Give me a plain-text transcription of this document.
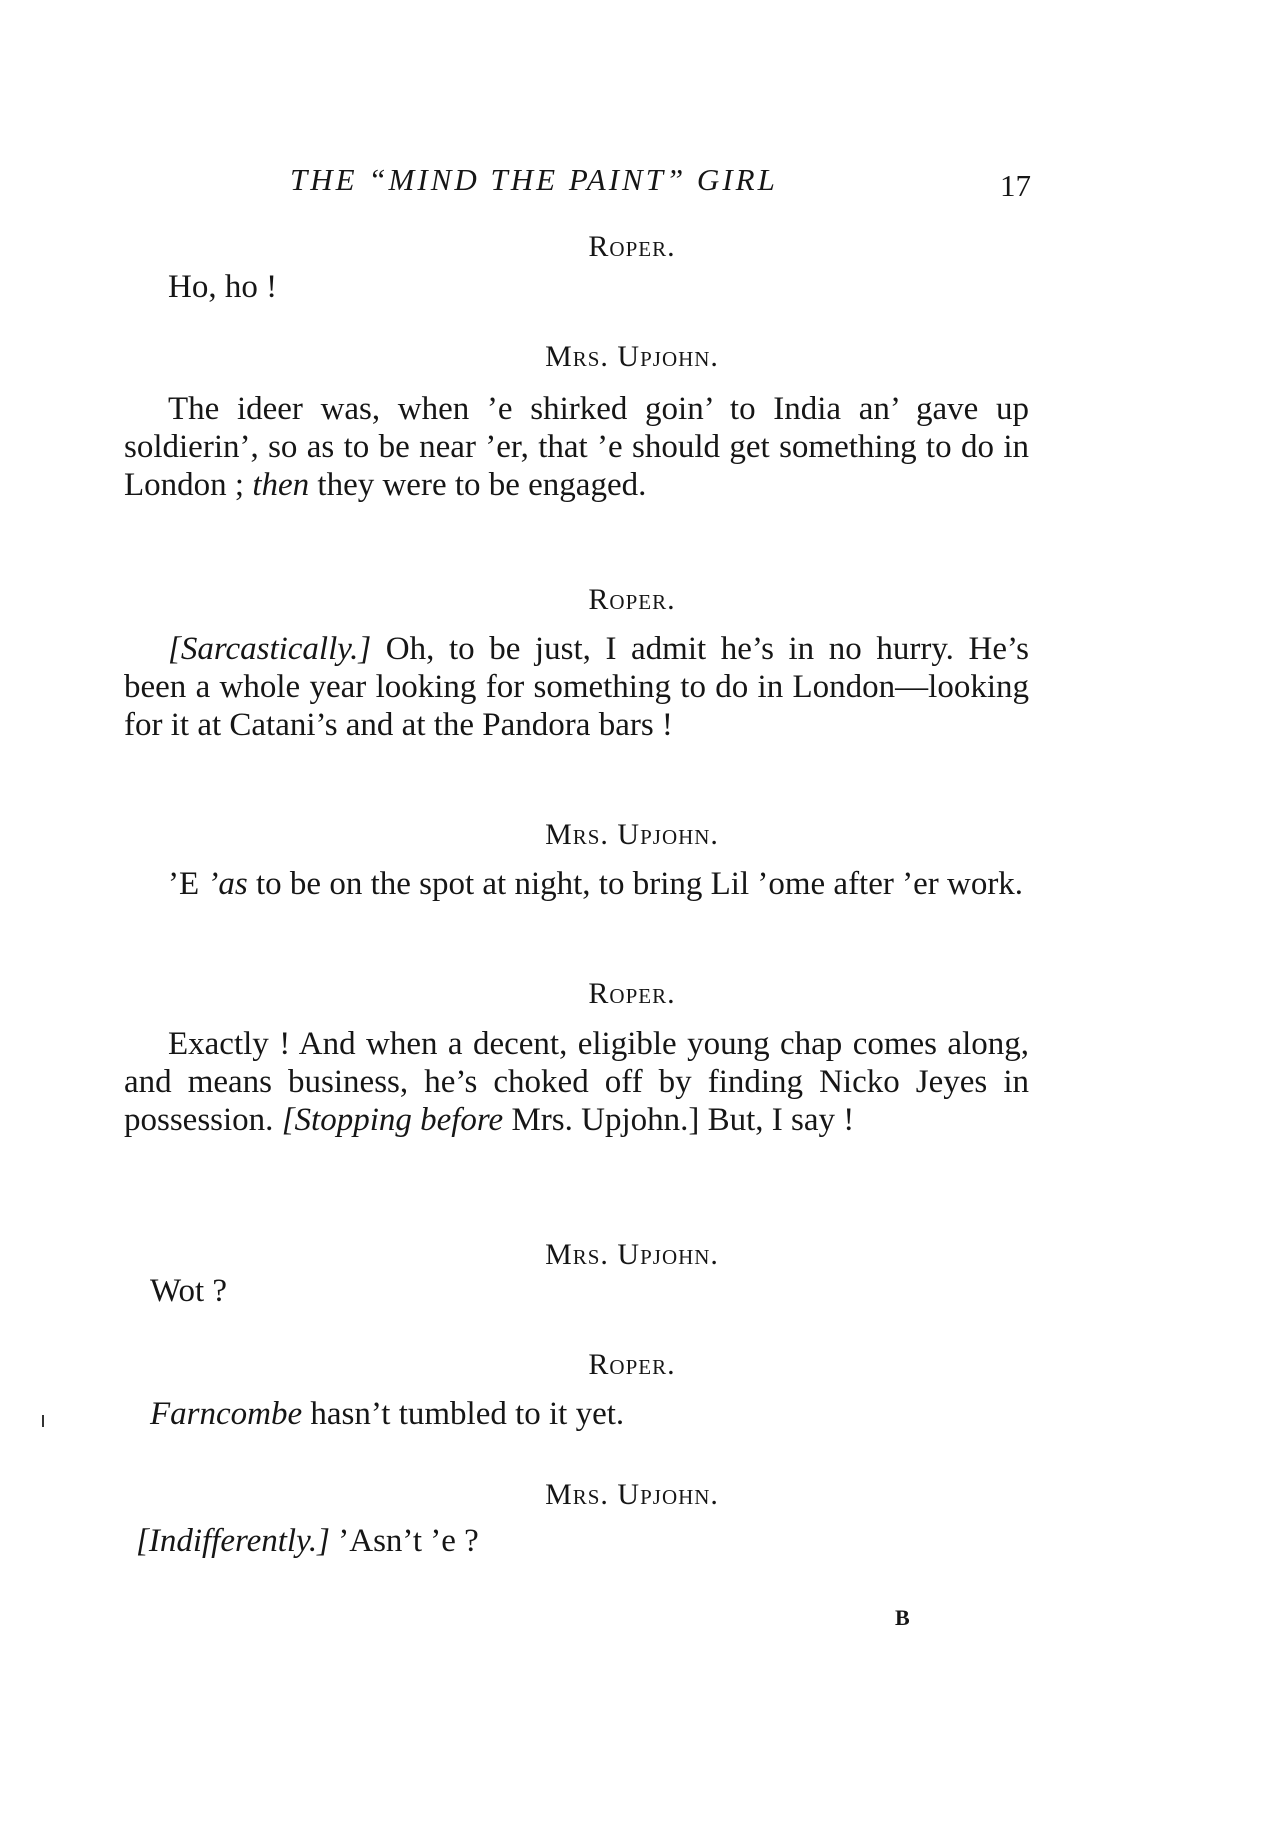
THE “MIND THE PAINT” GIRL	17
Roper.
Ho, ho !
Mrs. Upjohn.
The ideer was, when ’e shirked goin’ to India an’ gave up soldierin’, so as to be near ’er, that ’e should get something to do in London ; then they were to be engaged.
Roper.
[Sarcastically.] Oh, to be just, I admit he’s in no hurry. He’s been a whole year looking for something to do in London—looking for it at Catani’s and at the Pandora bars !
Mrs. Upjohn.
’E ’as to be on the spot at night, to bring Lil ’ome after ’er work.
Roper.
Exactly ! And when a decent, eligible young chap comes along, and means business, he’s choked off by finding Nicko Jeyes in possession. [Stopping before Mrs. Upjohn.] But, I say !
Mrs. Upjohn.
Wot ?
Roper.
Farncombe hasn’t tumbled to it yet.
Mrs. Upjohn.
[Indifferently.] ’Asn’t ’e ?
B
